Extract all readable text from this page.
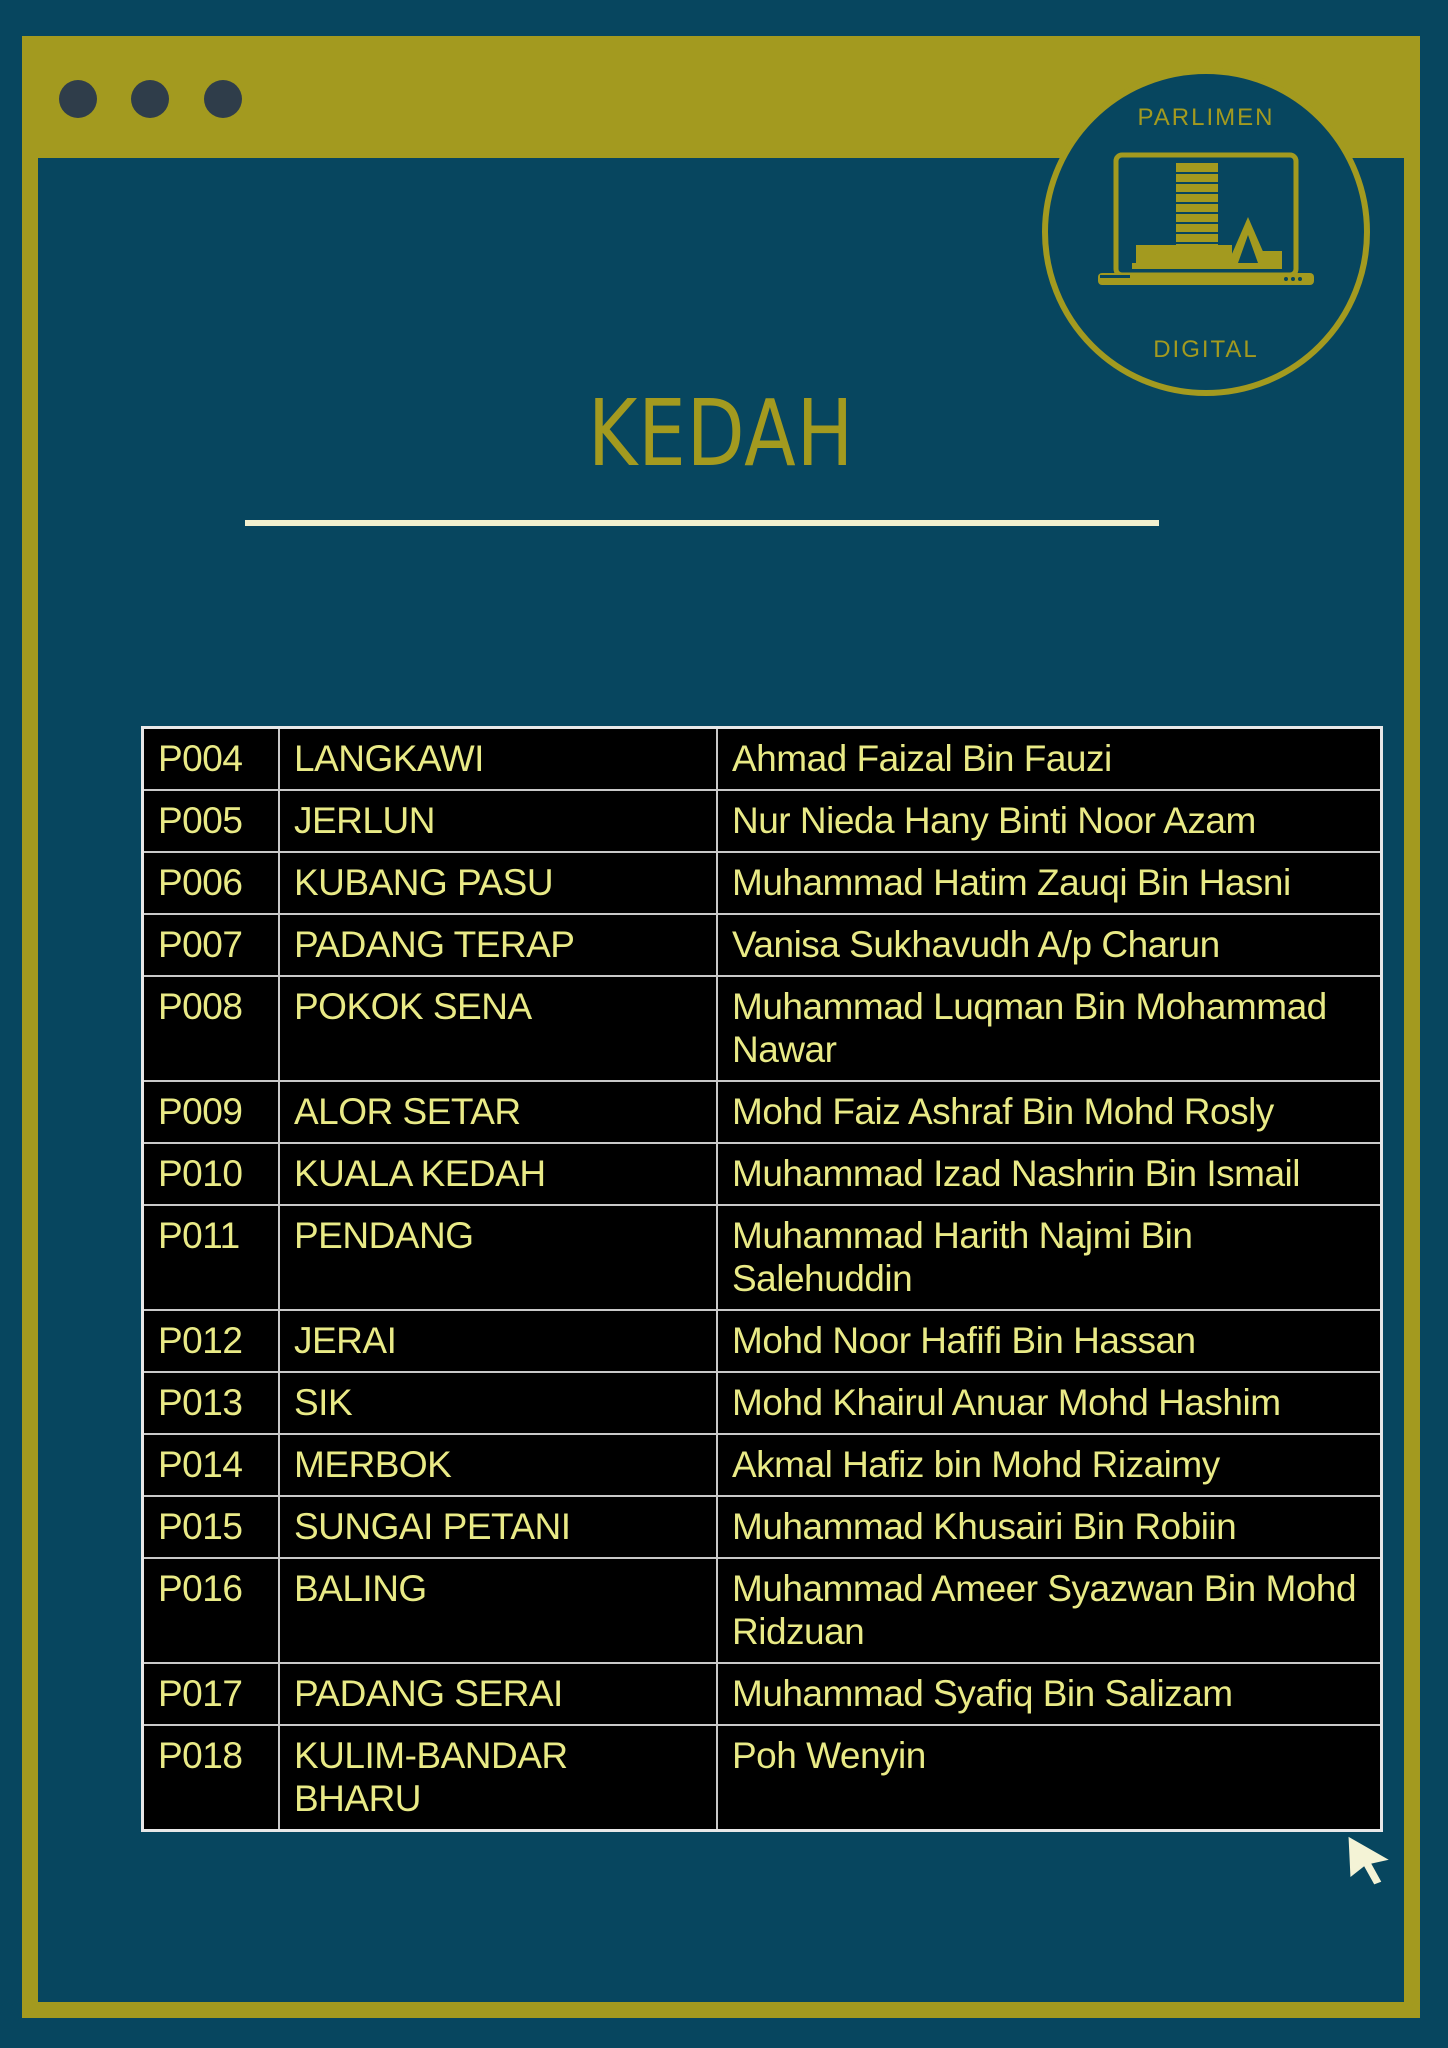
KEDAH
P004	LANGKAWI	Ahmad Faizal Bin Fauzi
P005	JERLUN	Nur Nieda Hany Binti Noor Azam
P006	KUBANG PASU	Muhammad Hatim Zauqi Bin Hasni
P007	PADANG TERAP	Vanisa Sukhavudh A/p Charun
P008	POKOK SENA	Muhammad Luqman Bin Mohammad Nawar
P009	ALOR SETAR	Mohd Faiz Ashraf Bin Mohd Rosly
P010	KUALA KEDAH	Muhammad Izad Nashrin Bin Ismail
P011	PENDANG	Muhammad Harith Najmi Bin Salehuddin
P012	JERAI	Mohd Noor Hafifi Bin Hassan
P013	SIK	Mohd Khairul Anuar Mohd Hashim
P014	MERBOK	Akmal Hafiz bin Mohd Rizaimy
P015	SUNGAI PETANI	Muhammad Khusairi Bin Robiin
P016	BALING	Muhammad Ameer Syazwan Bin Mohd Ridzuan
P017	PADANG SERAI	Muhammad Syafiq Bin Salizam
P018	KULIM-BANDAR BHARU	Poh Wenyin
PARLIMEN
DIGITAL
